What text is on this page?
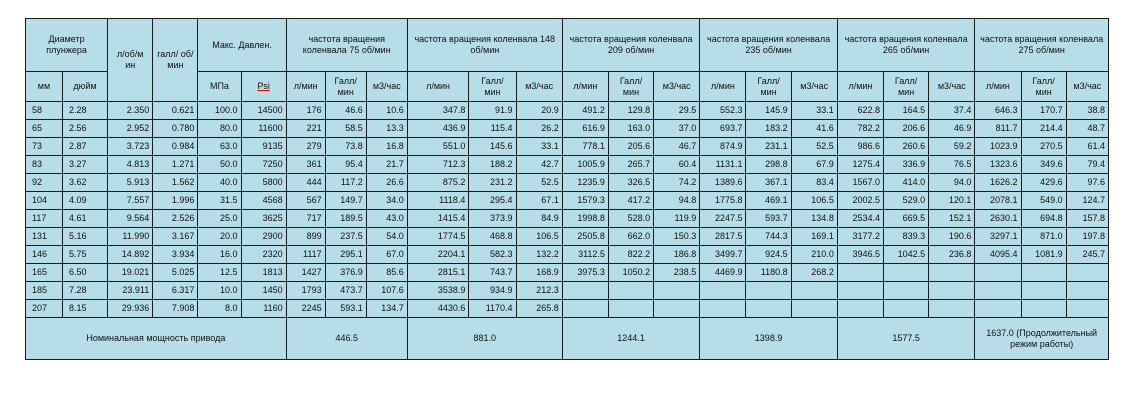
Диаметр плунжера		л/об/м ин	галл/ об/мин	Макс. Давлен.		частота вращения коленвала 75 об/мин			частота вращения коленвала 148 об/мин			частота вращения коленвала 209 об/мин			частота вращения коленвала 235 об/мин			частота вращения коленвала 265 об/мин			частота вращения коленвала 275 об/мин		
мм	дюйм			МПа	Psi	л/мин	Галл/ мин	м3/час	л/мин	Галл/ мин	м3/час	л/мин	Галл/ мин	м3/час	л/мин	Галл/ мин	м3/час	л/мин	Галл/ мин	м3/час	л/мин	Галл/ мин	м3/час
58	2.28	2.350	0.621	100.0	14500	176	46.6	10.6	347.8	91.9	20.9	491.2	129.8	29.5	552.3	145.9	33.1	622.8	164.5	37.4	646.3	170.7	38.8
65	2.56	2.952	0.780	80.0	11600	221	58.5	13.3	436.9	115.4	26.2	616.9	163.0	37.0	693.7	183.2	41.6	782.2	206.6	46.9	811.7	214.4	48.7
73	2.87	3.723	0.984	63.0	9135	279	73.8	16.8	551.0	145.6	33.1	778.1	205.6	46.7	874.9	231.1	52.5	986.6	260.6	59.2	1023.9	270.5	61.4
83	3.27	4.813	1.271	50.0	7250	361	95.4	21.7	712.3	188.2	42.7	1005.9	265.7	60.4	1131.1	298.8	67.9	1275.4	336.9	76.5	1323.6	349.6	79.4
92	3.62	5.913	1.562	40.0	5800	444	117.2	26.6	875.2	231.2	52.5	1235.9	326.5	74.2	1389.6	367.1	83.4	1567.0	414.0	94.0	1626.2	429.6	97.6
104	4.09	7.557	1.996	31.5	4568	567	149.7	34.0	1118.4	295.4	67.1	1579.3	417.2	94.8	1775.8	469.1	106.5	2002.5	529.0	120.1	2078.1	549.0	124.7
117	4.61	9.564	2.526	25.0	3625	717	189.5	43.0	1415.4	373.9	84.9	1998.8	528.0	119.9	2247.5	593.7	134.8	2534.4	669.5	152.1	2630.1	694.8	157.8
131	5.16	11.990	3.167	20.0	2900	899	237.5	54.0	1774.5	468.8	106.5	2505.8	662.0	150.3	2817.5	744.3	169.1	3177.2	839.3	190.6	3297.1	871.0	197.8
146	5.75	14.892	3.934	16.0	2320	1117	295.1	67.0	2204.1	582.3	132.2	3112.5	822.2	186.8	3499.7	924.5	210.0	3946.5	1042.5	236.8	4095.4	1081.9	245.7
165	6.50	19.021	5.025	12.5	1813	1427	376.9	85.6	2815.1	743.7	168.9	3975.3	1050.2	238.5	4469.9	1180.8	268.2						
185	7.28	23.911	6.317	10.0	1450	1793	473.7	107.6	3538.9	934.9	212.3												
207	8.15	29.936	7.908	8.0	1160	2245	593.1	134.7	4430.6	1170.4	265.8												
Номинальная мощность привода						446.5			881.0			1244.1			1398.9			1577.5			1637.0 (Продолжительный режим работы)		
